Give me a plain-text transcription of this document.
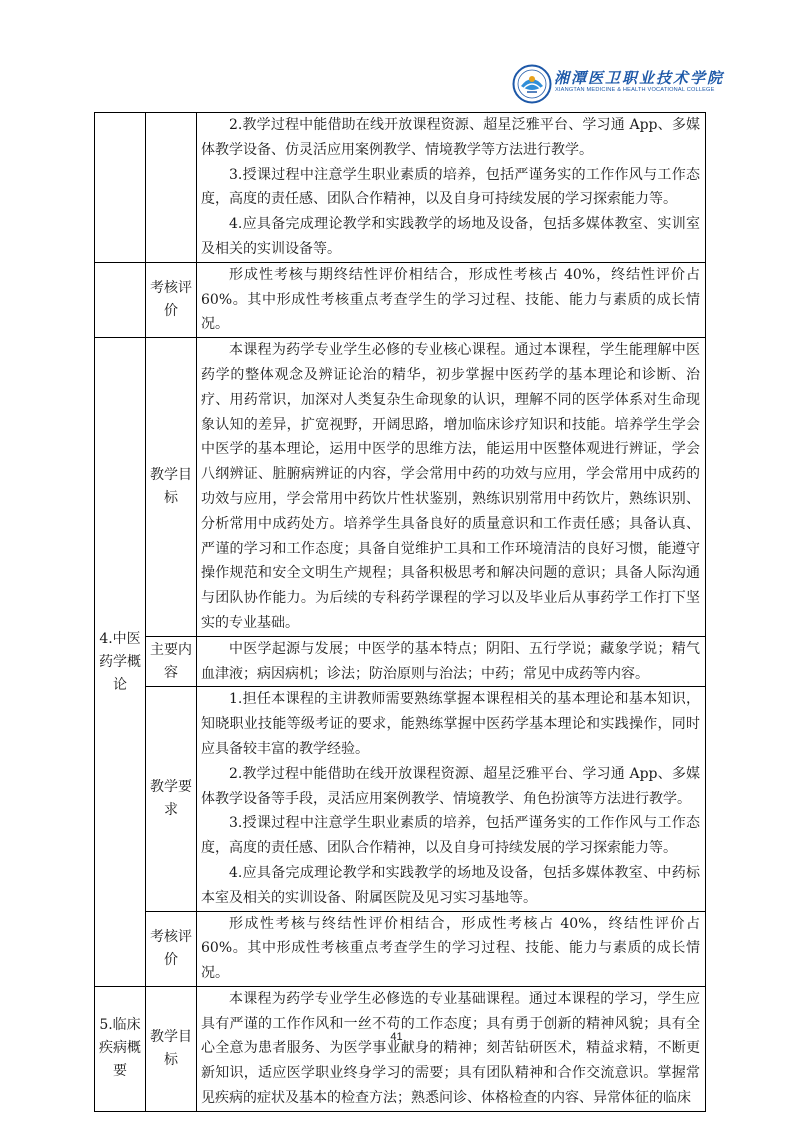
湘潭医卫职业技术学院
XIANGTAN MEDICINE & HEALTH VOCATIONAL COLLEGE

		2.教学过程中能借助在线开放课程资源、超星泛雅平台、学习通 App、多媒体教学设备、仿灵活应用案例教学、情境教学等方法进行教学。

3.授课过程中注意学生职业素质的培养，包括严谨务实的工作作风与工作态度，高度的责任感、团队合作精神，以及自身可持续发展的学习探索能力等。

4.应具备完成理论教学和实践教学的场地及设备，包括多媒体教室、实训室及相关的实训设备等。

	考核评价	形成性考核与期终结性评价相结合，形成性考核占 40%，终结性评价占 60%。其中形成性考核重点考查学生的学习过程、技能、能力与素质的成长情况。

4.中医药学概论	教学目标	本课程为药学专业学生必修的专业核心课程。通过本课程，学生能理解中医药学的整体观念及辨证论治的精华，初步掌握中医药学的基本理论和诊断、治疗、用药常识，加深对人类复杂生命现象的认识，理解不同的医学体系对生命现象认知的差异，扩宽视野，开阔思路，增加临床诊疗知识和技能。培养学生学会中医学的基本理论，运用中医学的思维方法，能运用中医整体观进行辨证，学会八纲辨证、脏腑病辨证的内容，学会常用中药的功效与应用，学会常用中成药的功效与应用，学会常用中药饮片性状鉴别，熟练识别常用中药饮片，熟练识别、分析常用中成药处方。培养学生具备良好的质量意识和工作责任感；具备认真、严谨的学习和工作态度；具备自觉维护工具和工作环境清洁的良好习惯，能遵守操作规范和安全文明生产规程；具备积极思考和解决问题的意识；具备人际沟通与团队协作能力。为后续的专科药学课程的学习以及毕业后从事药学工作打下坚实的专业基础。

	主要内容	中医学起源与发展；中医学的基本特点；阴阳、五行学说；藏象学说；精气血津液；病因病机；诊法；防治原则与治法；中药；常见中成药等内容。

	教学要求	1.担任本课程的主讲教师需要熟练掌握本课程相关的基本理论和基本知识，知晓职业技能等级考证的要求，能熟练掌握中医药学基本理论和实践操作，同时应具备较丰富的教学经验。

2.教学过程中能借助在线开放课程资源、超星泛雅平台、学习通 App、多媒体教学设备等手段，灵活应用案例教学、情境教学、角色扮演等方法进行教学。

3.授课过程中注意学生职业素质的培养，包括严谨务实的工作作风与工作态度，高度的责任感、团队合作精神，以及自身可持续发展的学习探索能力等。

4.应具备完成理论教学和实践教学的场地及设备，包括多媒体教室、中药标本室及相关的实训设备、附属医院及见习实习基地等。

	考核评价	形成性考核与终结性评价相结合，形成性考核占 40%，终结性评价占 60%。其中形成性考核重点考查学生的学习过程、技能、能力与素质的成长情况。

5.临床疾病概要	教学目标	本课程为药学专业学生必修选的专业基础课程。通过本课程的学习，学生应具有严谨的工作作风和一丝不苟的工作态度；具有勇于创新的精神风貌；具有全心全意为患者服务、为医学事业献身的精神；刻苦钻研医术，精益求精，不断更新知识，适应医学职业终身学习的需要；具有团队精神和合作交流意识。掌握常见疾病的症状及基本的检查方法；熟悉问诊、体格检查的内容、异常体征的临床

41
